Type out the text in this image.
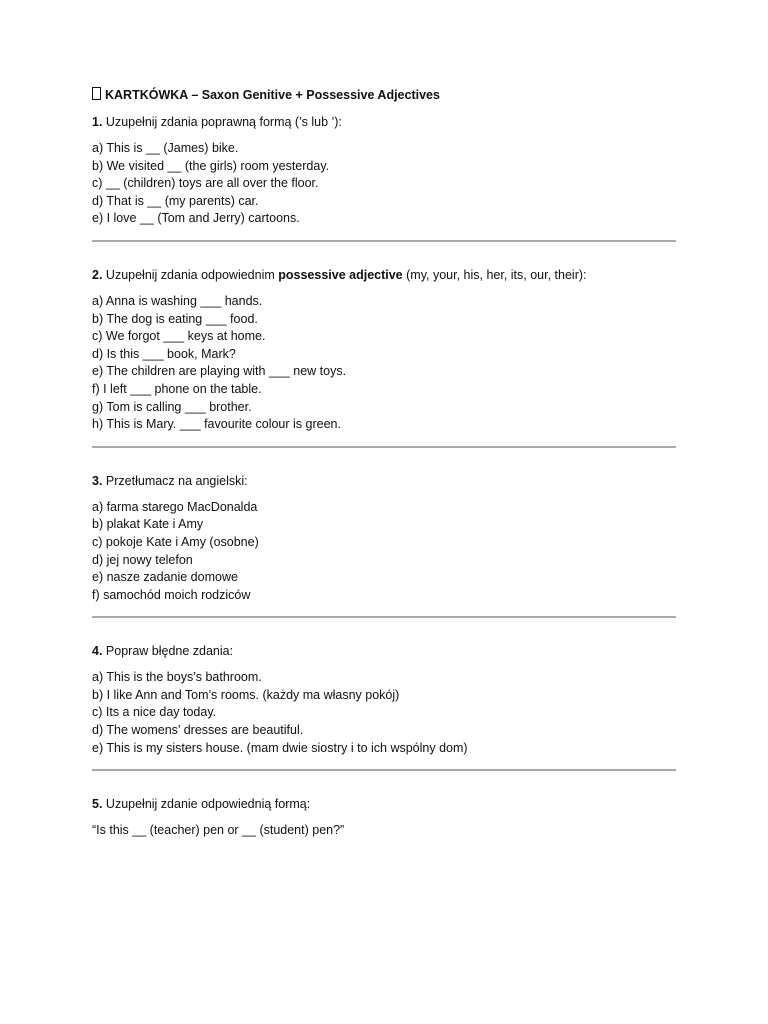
KARTKÓWKA – Saxon Genitive + Possessive Adjectives

1. Uzupełnij zdania poprawną formą (’s lub ’):

a) This is __ (James) bike.
b) We visited __ (the girls) room yesterday.
c) __ (children) toys are all over the floor.
d) That is __ (my parents) car.
e) I love __ (Tom and Jerry) cartoons.

2. Uzupełnij zdania odpowiednim possessive adjective (my, your, his, her, its, our, their):

a) Anna is washing ___ hands.
b) The dog is eating ___ food.
c) We forgot ___ keys at home.
d) Is this ___ book, Mark?
e) The children are playing with ___ new toys.
f) I left ___ phone on the table.
g) Tom is calling ___ brother.
h) This is Mary. ___ favourite colour is green.

3. Przetłumacz na angielski:

a) farma starego MacDonalda
b) plakat Kate i Amy
c) pokoje Kate i Amy (osobne)
d) jej nowy telefon
e) nasze zadanie domowe
f) samochód moich rodziców

4. Popraw błędne zdania:

a) This is the boys’s bathroom.
b) I like Ann and Tom’s rooms. (każdy ma własny pokój)
c) Its a nice day today.
d) The womens’ dresses are beautiful.
e) This is my sisters house. (mam dwie siostry i to ich wspólny dom)

5. Uzupełnij zdanie odpowiednią formą:

“Is this __ (teacher) pen or __ (student) pen?”
